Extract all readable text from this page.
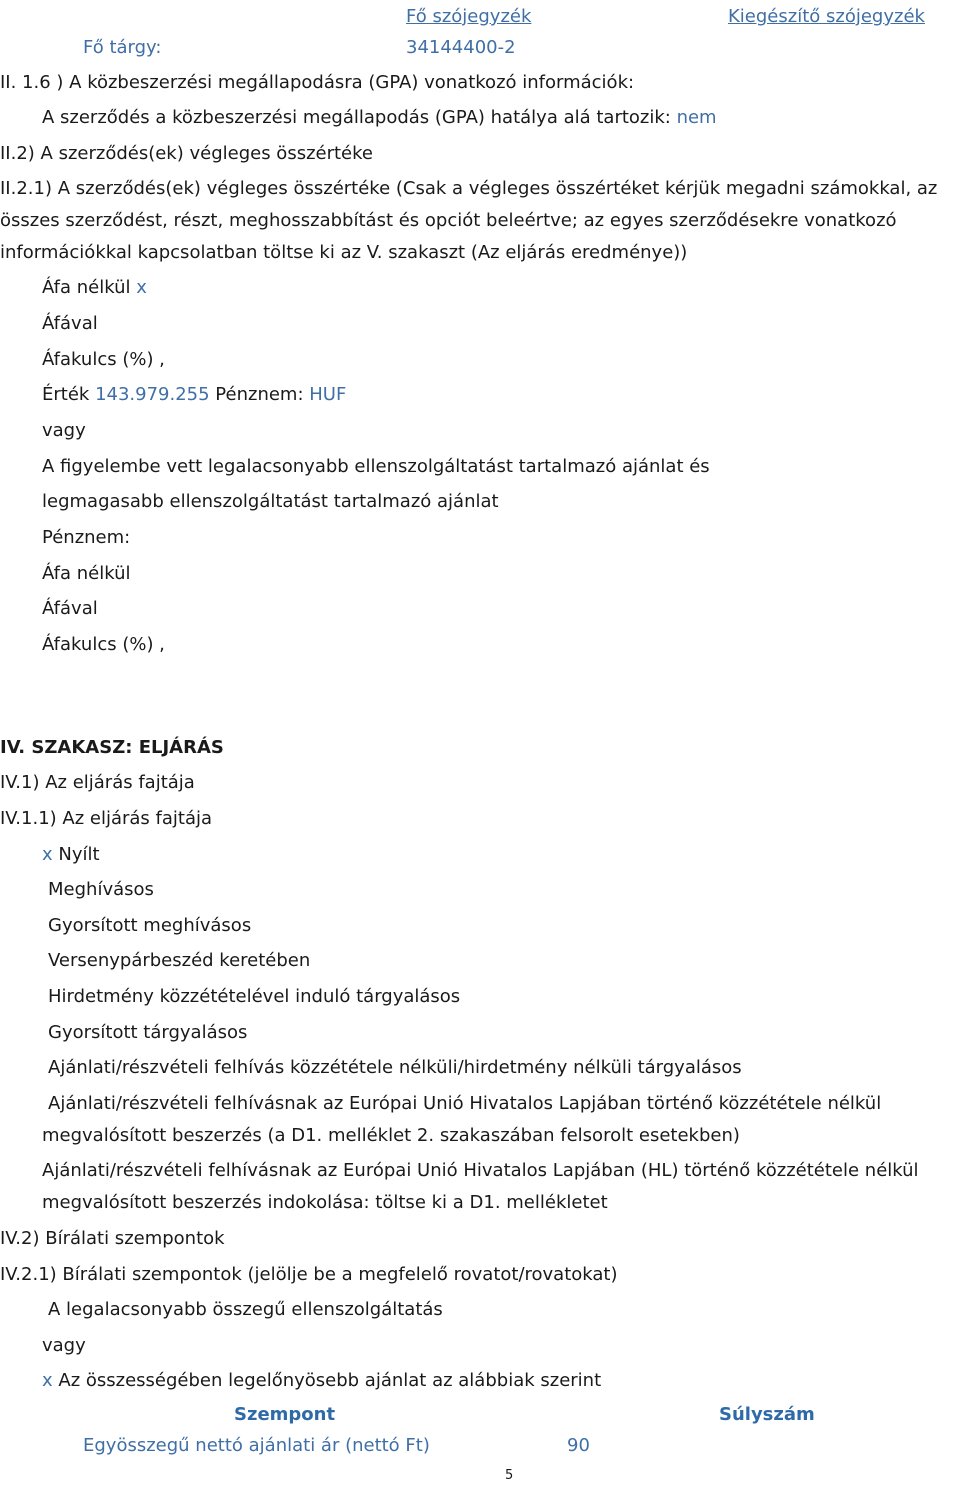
Fő szójegyzék	Kiegészítő szójegyzék
Fő tárgy:	34144400-2
II. 1.6 ) A közbeszerzési megállapodásra (GPA) vonatkozó információk:
A szerződés a közbeszerzési megállapodás (GPA) hatálya alá tartozik: nem
II.2) A szerződés(ek) végleges összértéke
II.2.1) A szerződés(ek) végleges összértéke (Csak a végleges összértéket kérjük megadni számokkal, az
összes szerződést, részt, meghosszabbítást és opciót beleértve; az egyes szerződésekre vonatkozó
információkkal kapcsolatban töltse ki az V. szakaszt (Az eljárás eredménye))
Áfa nélkül x
Áfával
Áfakulcs (%) ,
Érték 143.979.255 Pénznem: HUF
vagy
A figyelembe vett legalacsonyabb ellenszolgáltatást tartalmazó ajánlat és
legmagasabb ellenszolgáltatást tartalmazó ajánlat
Pénznem:
Áfa nélkül
Áfával
Áfakulcs (%) ,
IV. SZAKASZ: ELJÁRÁS
IV.1) Az eljárás fajtája
IV.1.1) Az eljárás fajtája
x Nyílt
Meghívásos
Gyorsított meghívásos
Versenypárbeszéd keretében
Hirdetmény közzétételével induló tárgyalásos
Gyorsított tárgyalásos
Ajánlati/részvételi felhívás közzététele nélküli/hirdetmény nélküli tárgyalásos
Ajánlati/részvételi felhívásnak az Európai Unió Hivatalos Lapjában történő közzététele nélkül
megvalósított beszerzés (a D1. melléklet 2. szakaszában felsorolt esetekben)
Ajánlati/részvételi felhívásnak az Európai Unió Hivatalos Lapjában (HL) történő közzététele nélkül
megvalósított beszerzés indokolása: töltse ki a D1. mellékletet
IV.2) Bírálati szempontok
IV.2.1) Bírálati szempontok (jelölje be a megfelelő rovatot/rovatokat)
A legalacsonyabb összegű ellenszolgáltatás
vagy
x Az összességében legelőnyösebb ajánlat az alábbiak szerint
Szempont	Súlyszám
Egyösszegű nettó ajánlati ár (nettó Ft)	90
5
